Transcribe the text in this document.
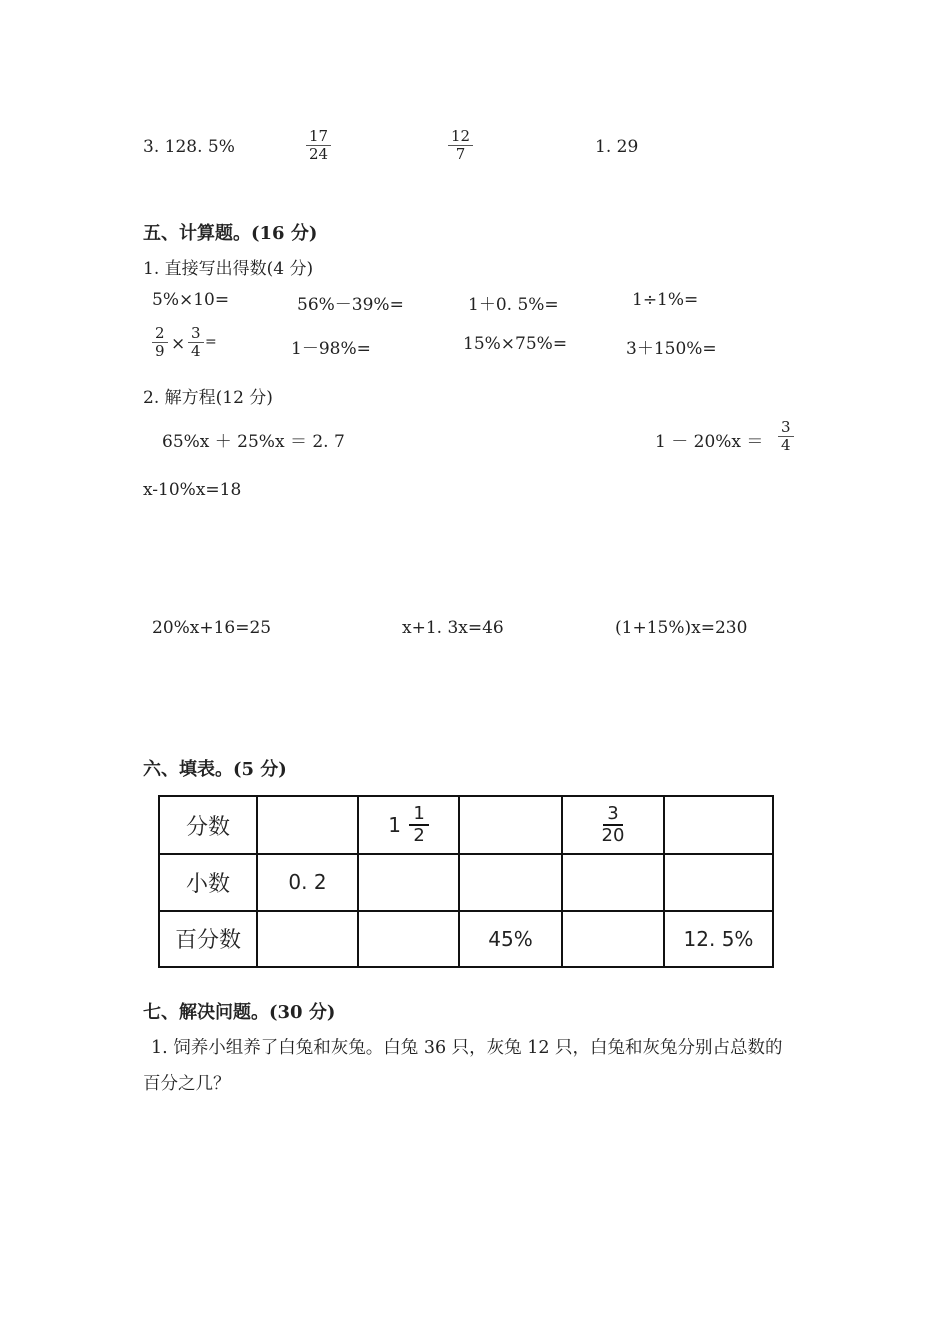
3. 128. 5%	$\frac{17}{24}$	$\frac{12}{7}$	1. 29
五、计算题。(16 分)
1. 直接写出得数(4 分)
5%×10=	56%－39%=	1＋0. 5%=	1÷1%=
$\frac{2}{9} \times \frac{3}{4}$ =	1－98%=	15%×75%=	3＋150%=
2. 解方程(12 分)
65%x ＋ 25%x ＝ 2. 7	$1 - 20\%x = \frac{3}{4}$
x-10%x=18
20%x+16=25	x+1. 3x=46	(1+15%)x=230
六、填表。(5 分)
分数		$1 \frac{1}{2}$		$\frac{3}{20}$

小数	0. 2				
百分数			45%		12. 5%
七、解决问题。(30 分)
1. 饲养小组养了白兔和灰兔。白兔 36 只，灰兔 12 只，白兔和灰兔分别占总数的
百分之几？
